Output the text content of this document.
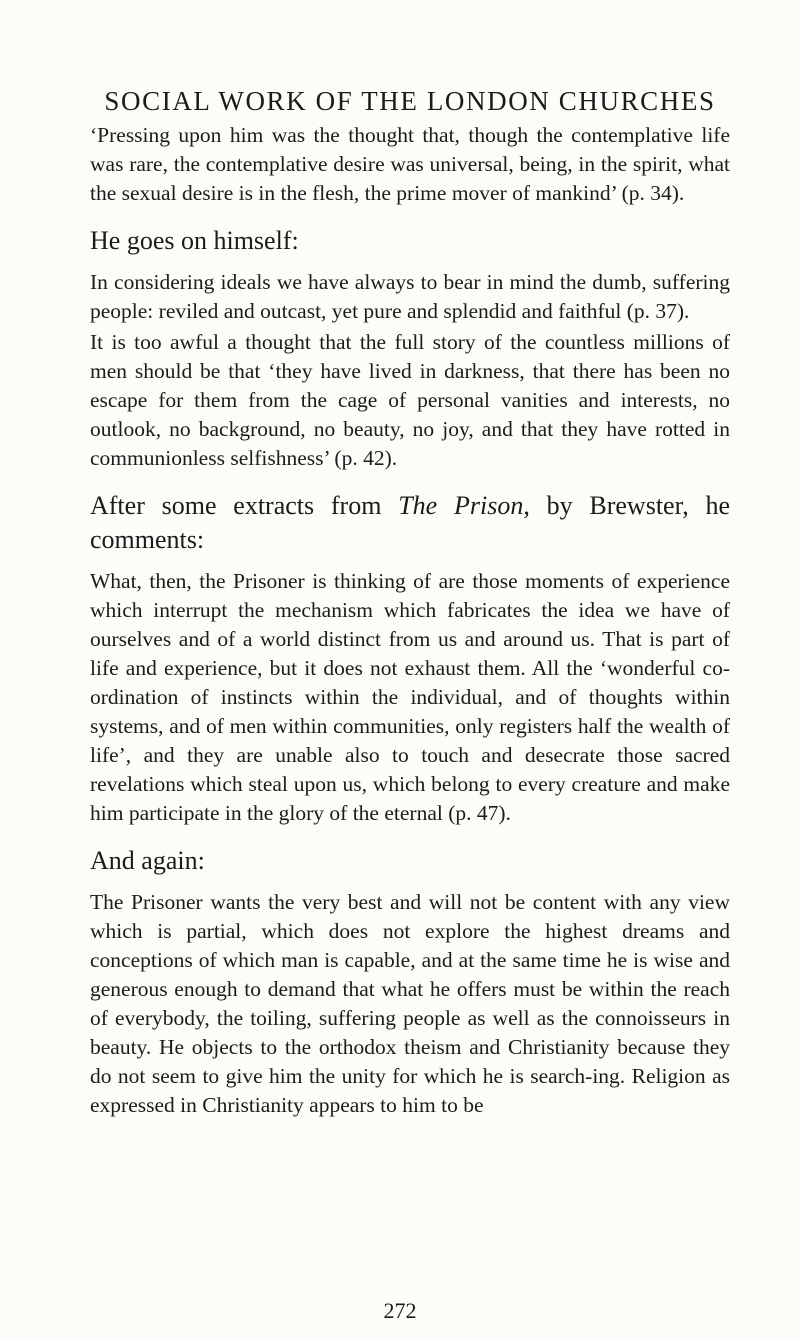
SOCIAL WORK OF THE LONDON CHURCHES

‘Pressing upon him was the thought that, though the contemplative life was rare, the contemplative desire was universal, being, in the spirit, what the sexual desire is in the flesh, the prime mover of mankind’ (p. 34).

He goes on himself:

In considering ideals we have always to bear in mind the dumb, suffering people: reviled and outcast, yet pure and splendid and faithful (p. 37).

It is too awful a thought that the full story of the countless millions of men should be that ‘they have lived in darkness, that there has been no escape for them from the cage of personal vanities and interests, no outlook, no background, no beauty, no joy, and that they have rotted in communionless selfishness’ (p. 42).

After some extracts from The Prison, by Brewster, he comments:

What, then, the Prisoner is thinking of are those moments of experience which interrupt the mechanism which fabricates the idea we have of ourselves and of a world distinct from us and around us. That is part of life and experience, but it does not exhaust them. All the ‘wonderful co-ordination of instincts within the individual, and of thoughts within systems, and of men within communities, only registers half the wealth of life’, and they are unable also to touch and desecrate those sacred revelations which steal upon us, which belong to every creature and make him participate in the glory of the eternal (p. 47).

And again:

The Prisoner wants the very best and will not be content with any view which is partial, which does not explore the highest dreams and conceptions of which man is capable, and at the same time he is wise and generous enough to demand that what he offers must be within the reach of everybody, the toiling, suffering people as well as the connoisseurs in beauty. He objects to the orthodox theism and Christianity because they do not seem to give him the unity for which he is search-ing. Religion as expressed in Christianity appears to him to be

272
